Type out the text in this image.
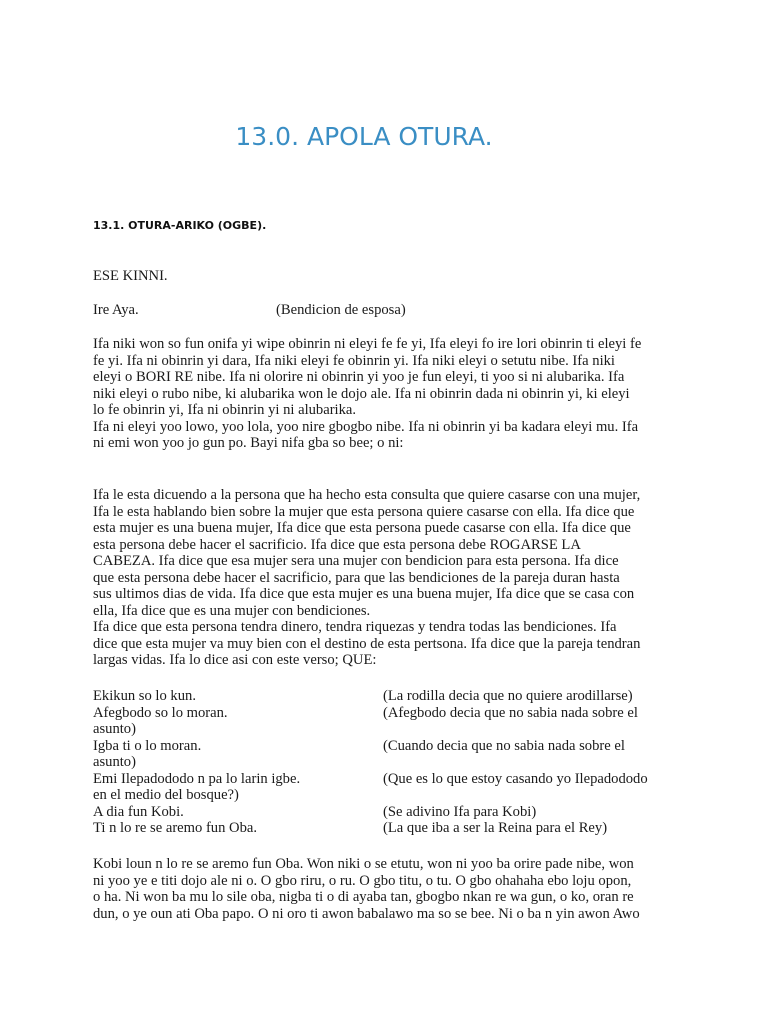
13.0. APOLA OTURA.
13.1. OTURA-ARIKO (OGBE).
ESE KINNI.
Ire Aya.	(Bendicion de esposa)
Ifa niki won so fun onifa yi wipe obinrin ni eleyi fe fe yi, Ifa eleyi fo ire lori obinrin ti eleyi fe
fe yi. Ifa ni obinrin yi dara, Ifa niki eleyi fe obinrin yi. Ifa niki eleyi o setutu nibe. Ifa niki
eleyi o BORI RE nibe. Ifa ni olorire ni obinrin yi yoo je fun eleyi, ti yoo si ni alubarika. Ifa
niki eleyi o rubo nibe, ki alubarika won le dojo ale. Ifa ni obinrin dada ni obinrin yi, ki eleyi
lo fe obinrin yi, Ifa ni obinrin yi ni alubarika.
Ifa ni eleyi yoo lowo, yoo lola, yoo nire gbogbo nibe. Ifa ni obinrin yi ba kadara eleyi mu. Ifa
ni emi won yoo jo gun po. Bayi nifa gba so bee; o ni:
Ifa le esta dicuendo a la persona que ha hecho esta consulta que quiere casarse con una mujer,
Ifa le esta hablando bien sobre la mujer que esta persona quiere casarse con ella. Ifa dice que
esta mujer es una buena mujer, Ifa dice que esta persona puede casarse con ella. Ifa dice que
esta persona debe hacer el sacrificio. Ifa dice que esta persona debe ROGARSE LA
CABEZA. Ifa dice que esa mujer sera una mujer con bendicion para esta persona. Ifa dice
que esta persona debe hacer el sacrificio, para que las bendiciones de la pareja duran hasta
sus ultimos dias de vida. Ifa dice que esta mujer es una buena mujer, Ifa dice que se casa con
ella, Ifa dice que es una mujer con bendiciones.
Ifa dice que esta persona tendra dinero, tendra riquezas y tendra todas las bendiciones. Ifa
dice que esta mujer va muy bien con el destino de esta pertsona. Ifa dice que la pareja tendran
largas vidas. Ifa lo dice asi con este verso; QUE:
Ekikun so lo kun.	(La rodilla decia que no quiere arodillarse)
Afegbodo so lo moran.	(Afegbodo decia que no sabia nada sobre el
asunto)
Igba ti o lo moran.	(Cuando decia que no sabia nada sobre el
asunto)
Emi Ilepadododo n pa lo larin igbe.	(Que es lo que estoy casando yo Ilepadododo
en el medio del bosque?)
A dia fun Kobi.	(Se adivino Ifa para Kobi)
Ti n lo re se aremo fun Oba.	(La que iba a ser la Reina para el Rey)
Kobi loun n lo re se aremo fun Oba. Won niki o se etutu, won ni yoo ba orire pade nibe, won
ni yoo ye e titi dojo ale ni o. O gbo riru, o ru. O gbo titu, o tu. O gbo ohahaha ebo loju opon,
o ha. Ni won ba mu lo sile oba, nigba ti o di ayaba tan, gbogbo nkan re wa gun, o ko, oran re
dun, o ye oun ati Oba papo. O ni oro ti awon babalawo ma so se bee. Ni o ba n yin awon Awo
